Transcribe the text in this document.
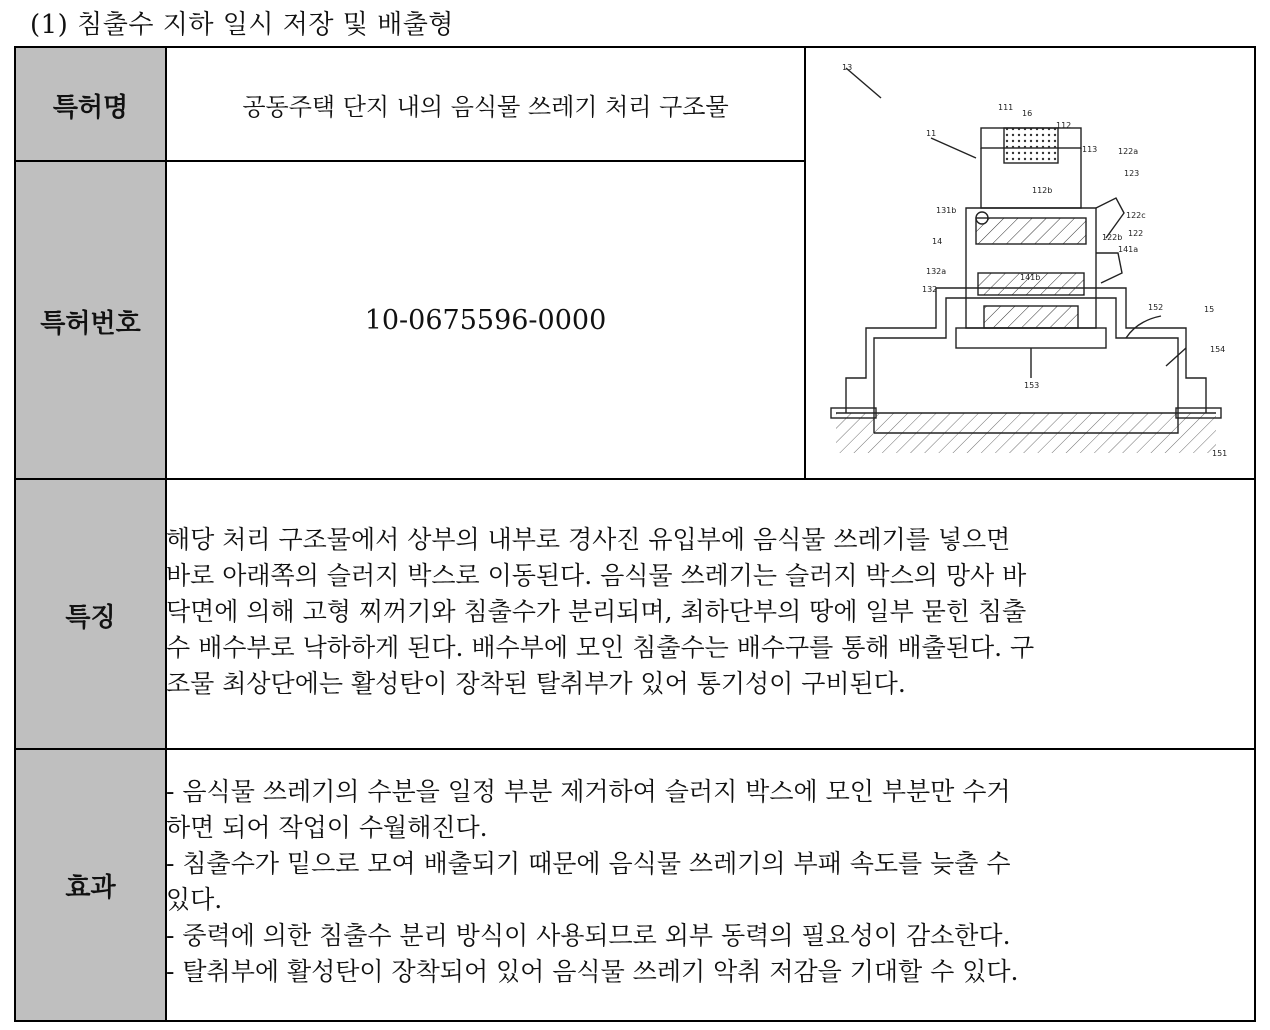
(1) 침출수 지하 일시 저장 및 배출형
특허명
특허번호
특징
효과
공동주택 단지 내의 음식물 쓰레기 처리 구조물
10-0675596-0000
13
11
111
16
112
113	122a
112b
123
131b
122c
122
122b
141a
14
141b
132a
132
152	15
154
153
151
해당 처리 구조물에서 상부의 내부로 경사진 유입부에 음식물 쓰레기를 넣으면
바로 아래쪽의 슬러지 박스로 이동된다. 음식물 쓰레기는 슬러지 박스의 망사 바
닥면에 의해 고형 찌꺼기와 침출수가 분리되며, 최하단부의 땅에 일부 묻힌 침출
수 배수부로 낙하하게 된다. 배수부에 모인 침출수는 배수구를 통해 배출된다. 구
조물 최상단에는 활성탄이 장착된 탈취부가 있어 통기성이 구비된다.
- 음식물 쓰레기의 수분을 일정 부분 제거하여 슬러지 박스에 모인 부분만 수거
하면 되어 작업이 수월해진다.
- 침출수가 밑으로 모여 배출되기 때문에 음식물 쓰레기의 부패 속도를 늦출 수
있다.
- 중력에 의한 침출수 분리 방식이 사용되므로 외부 동력의 필요성이 감소한다.
- 탈취부에 활성탄이 장착되어 있어 음식물 쓰레기 악취 저감을 기대할 수 있다.
